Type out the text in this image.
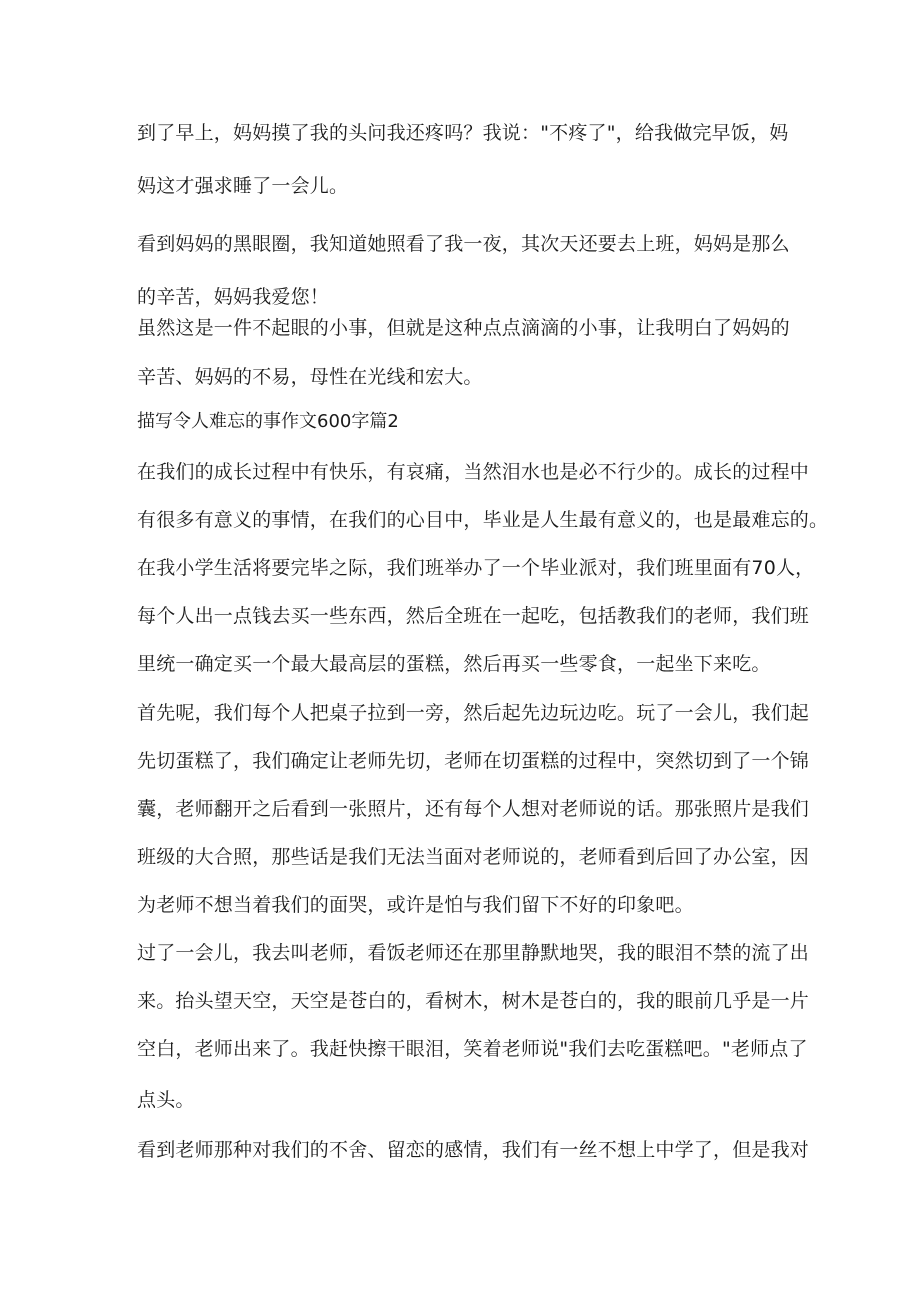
到了早上，妈妈摸了我的头问我还疼吗？我说："不疼了"，给我做完早饭，妈
妈这才强求睡了一会儿。
看到妈妈的黑眼圈，我知道她照看了我一夜，其次天还要去上班，妈妈是那么
的辛苦，妈妈我爱您！
虽然这是一件不起眼的小事，但就是这种点点滴滴的小事，让我明白了妈妈的
辛苦、妈妈的不易，母性在光线和宏大。
描写令人难忘的事作文600字篇2
在我们的成长过程中有快乐，有哀痛，当然泪水也是必不行少的。成长的过程中
有很多有意义的事情，在我们的心目中，毕业是人生最有意义的，也是最难忘的。
在我小学生活将要完毕之际，我们班举办了一个毕业派对，我们班里面有70人，
每个人出一点钱去买一些东西，然后全班在一起吃，包括教我们的老师，我们班
里统一确定买一个最大最高层的蛋糕，然后再买一些零食，一起坐下来吃。
首先呢，我们每个人把桌子拉到一旁，然后起先边玩边吃。玩了一会儿，我们起
先切蛋糕了，我们确定让老师先切，老师在切蛋糕的过程中，突然切到了一个锦
囊，老师翻开之后看到一张照片，还有每个人想对老师说的话。那张照片是我们
班级的大合照，那些话是我们无法当面对老师说的，老师看到后回了办公室，因
为老师不想当着我们的面哭，或许是怕与我们留下不好的印象吧。
过了一会儿，我去叫老师，看饭老师还在那里静默地哭，我的眼泪不禁的流了出
来。抬头望天空，天空是苍白的，看树木，树木是苍白的，我的眼前几乎是一片
空白，老师出来了。我赶快擦干眼泪，笑着老师说"我们去吃蛋糕吧。"老师点了
点头。
看到老师那种对我们的不舍、留恋的感情，我们有一丝不想上中学了，但是我对
